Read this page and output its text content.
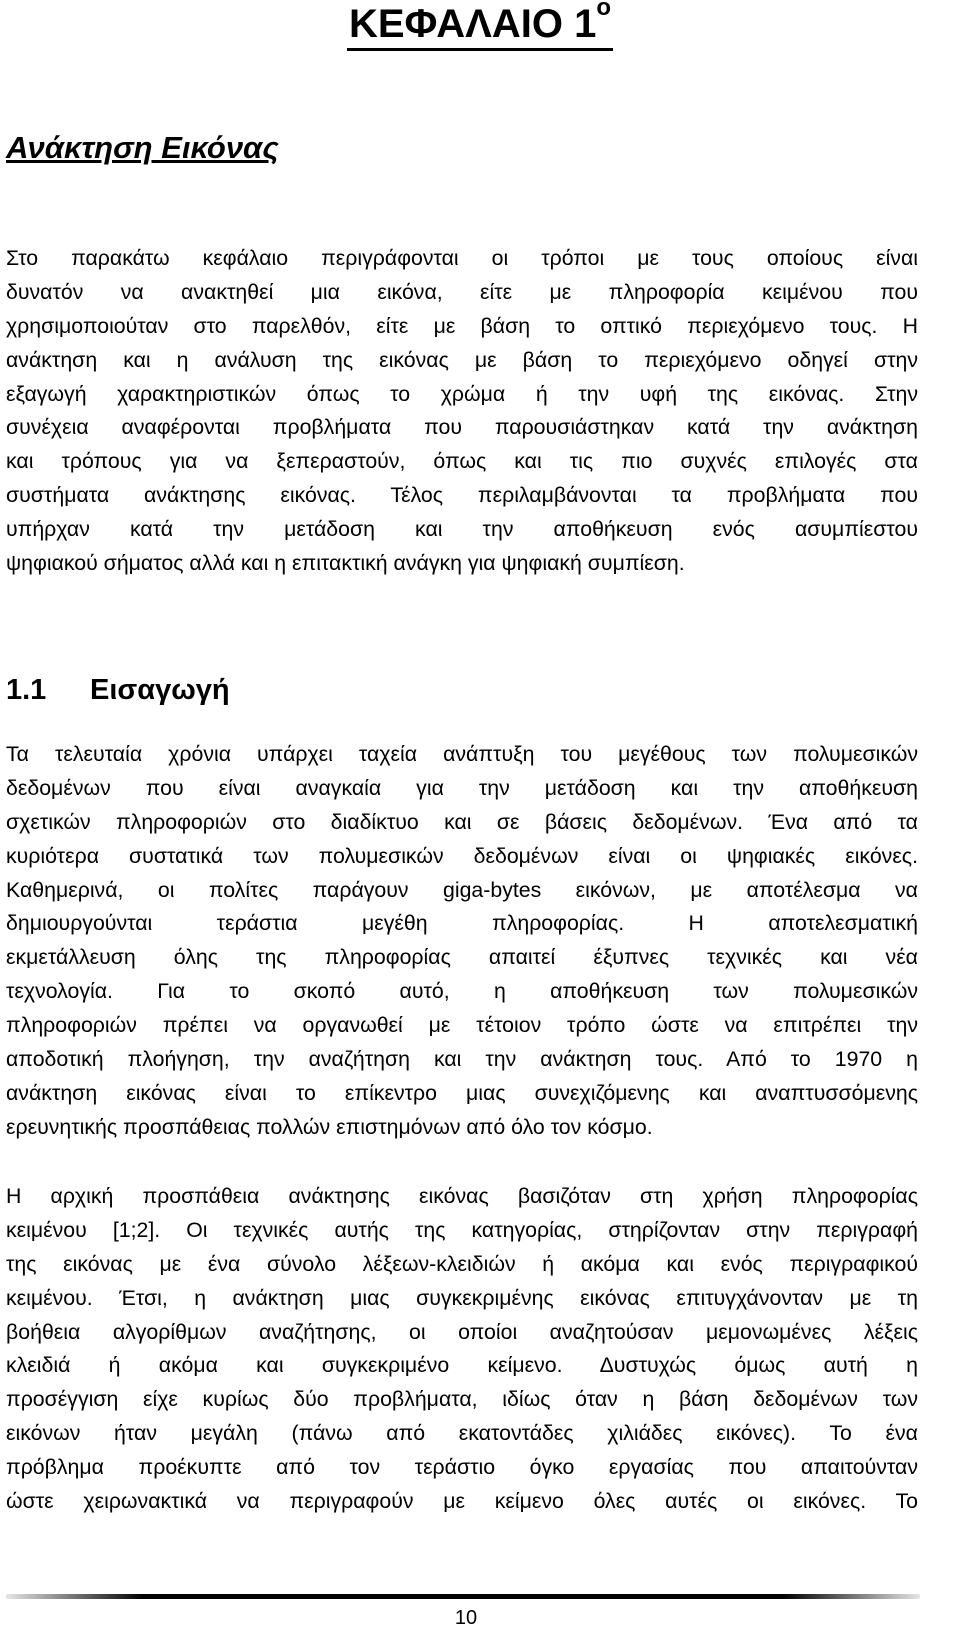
ΚΕΦΑΛΑΙΟ $1^o$
Ανάκτηση Εικόνας
Στο παρακάτω κεφάλαιο περιγράφονται οι τρόποι με τους οποίους είναι
δυνατόν να ανακτηθεί μια εικόνα, είτε με πληροφορία κειμένου που
χρησιμοποιούταν στο παρελθόν, είτε με βάση το οπτικό περιεχόμενο τους. Η
ανάκτηση και η ανάλυση της εικόνας με βάση το περιεχόμενο οδηγεί στην
εξαγωγή χαρακτηριστικών όπως το χρώμα ή την υφή της εικόνας. Στην
συνέχεια αναφέρονται προβλήματα που παρουσιάστηκαν κατά την ανάκτηση
και τρόπους για να ξεπεραστούν, όπως και τις πιο συχνές επιλογές στα
συστήματα ανάκτησης εικόνας. Τέλος περιλαμβάνονται τα προβλήματα που
υπήρχαν κατά την μετάδοση και την αποθήκευση ενός ασυμπίεστου
ψηφιακού σήματος αλλά και η επιτακτική ανάγκη για ψηφιακή συμπίεση.
1.1 Εισαγωγή
Τα τελευταία χρόνια υπάρχει ταχεία ανάπτυξη του μεγέθους των πολυμεσικών
δεδομένων που είναι αναγκαία για την μετάδοση και την αποθήκευση
σχετικών πληροφοριών στο διαδίκτυο και σε βάσεις δεδομένων. Ένα από τα
κυριότερα συστατικά των πολυμεσικών δεδομένων είναι οι ψηφιακές εικόνες.
Καθημερινά, οι πολίτες παράγουν giga-bytes εικόνων, με αποτέλεσμα να
δημιουργούνται τεράστια μεγέθη πληροφορίας. Η αποτελεσματική
εκμετάλλευση όλης της πληροφορίας απαιτεί έξυπνες τεχνικές και νέα
τεχνολογία. Για το σκοπό αυτό, η αποθήκευση των πολυμεσικών
πληροφοριών πρέπει να οργανωθεί με τέτοιον τρόπο ώστε να επιτρέπει την
αποδοτική πλοήγηση, την αναζήτηση και την ανάκτηση τους. Από το 1970 η
ανάκτηση εικόνας είναι το επίκεντρο μιας συνεχιζόμενης και αναπτυσσόμενης
ερευνητικής προσπάθειας πολλών επιστημόνων από όλο τον κόσμο.
Η αρχική προσπάθεια ανάκτησης εικόνας βασιζόταν στη χρήση πληροφορίας
κειμένου [1;2]. Οι τεχνικές αυτής της κατηγορίας, στηρίζονταν στην περιγραφή
της εικόνας με ένα σύνολο λέξεων-κλειδιών ή ακόμα και ενός περιγραφικού
κειμένου. Έτσι, η ανάκτηση μιας συγκεκριμένης εικόνας επιτυγχάνονταν με τη
βοήθεια αλγορίθμων αναζήτησης, οι οποίοι αναζητούσαν μεμονωμένες λέξεις
κλειδιά ή ακόμα και συγκεκριμένο κείμενο. Δυστυχώς όμως αυτή η
προσέγγιση είχε κυρίως δύο προβλήματα, ιδίως όταν η βάση δεδομένων των
εικόνων ήταν μεγάλη (πάνω από εκατοντάδες χιλιάδες εικόνες). Το ένα
πρόβλημα προέκυπτε από τον τεράστιο όγκο εργασίας που απαιτούνταν
ώστε χειρωνακτικά να περιγραφούν με κείμενο όλες αυτές οι εικόνες. Το
10
